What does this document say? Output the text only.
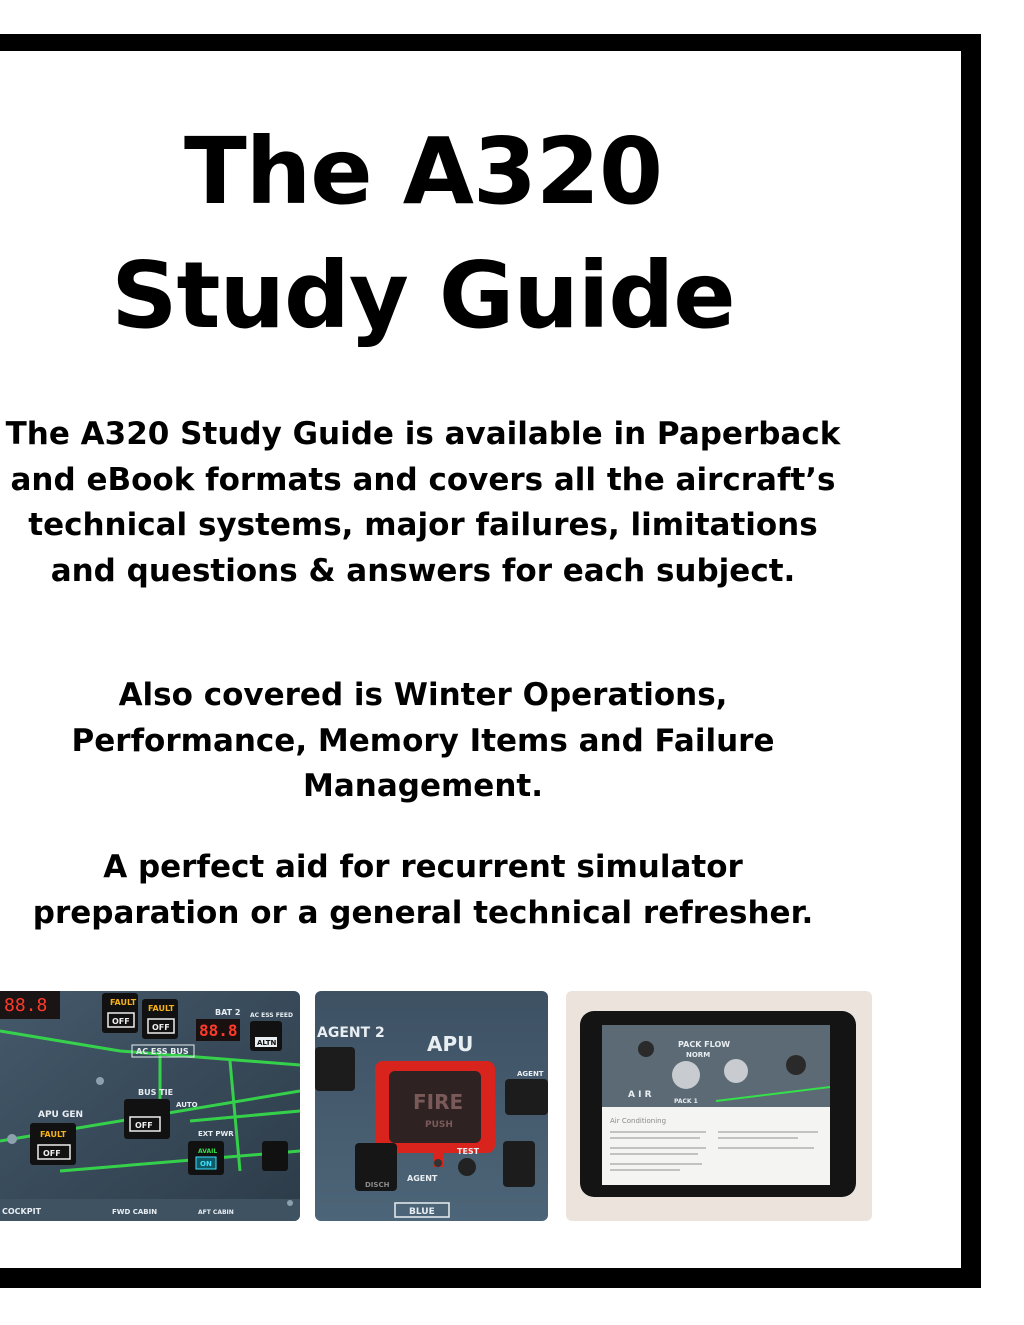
The A320
Study Guide

The A320 Study Guide is available in Paperback and eBook formats and covers all the aircraft’s technical systems, major failures, limitations and questions & answers for each subject.

Also covered is Winter Operations, Performance, Memory Items and Failure Management.

A perfect aid for recurrent simulator preparation or a general technical refresher.

88.8	FAULT
OFF
FAULT
OFF
BAT 2
88.8
AC ESS FEED
ALTN
AC ESS BUS
BUS TIE
OFF
AUTO
APU GEN
FAULT
OFF
EXT PWR
AVAIL
ON
COCKPIT	FWD CABIN	AFT CABIN
AGENT 2 APU
FIRE
PUSH
AGENT
DISCH
TEST
AGENT
BLUE
PACK FLOW
NORM
A I R
PACK 1
Air Conditioning
